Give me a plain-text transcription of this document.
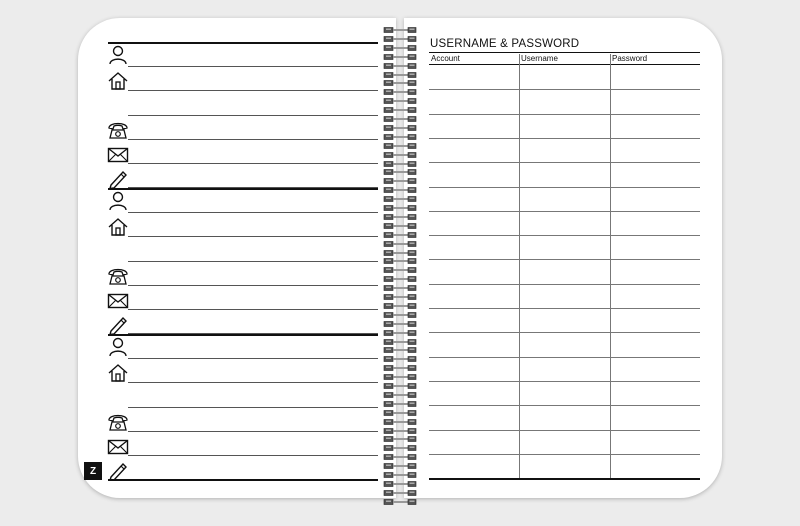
Z
USERNAME & PASSWORD
Account	Username	Password
